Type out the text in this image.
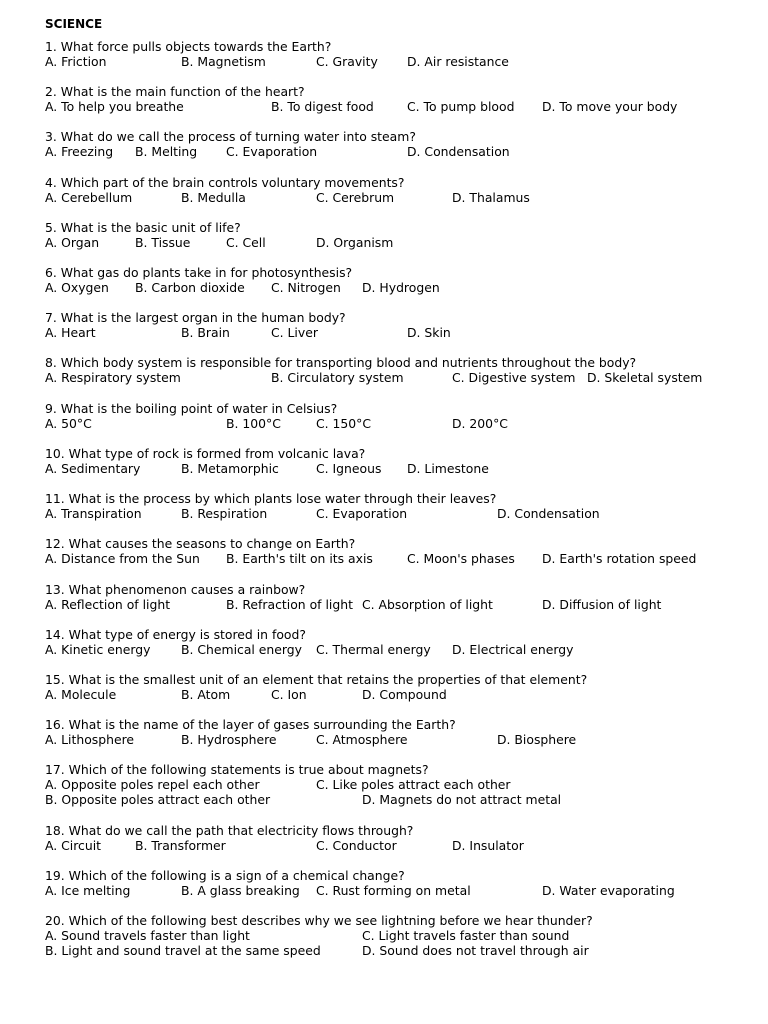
SCIENCE
1. What force pulls objects towards the Earth?
A. Friction	B. Magnetism	C. Gravity D. Air resistance
2. What is the main function of the heart?
A. To help you breathe	B. To digest food	C. To pump blood D. To move your body
3. What do we call the process of turning water into steam?
A. Freezing B. Melting C. Evaporation	D. Condensation
4. Which part of the brain controls voluntary movements?
A. Cerebellum	B. Medulla	C. Cerebrum	D. Thalamus
5. What is the basic unit of life?
A. Organ	B. Tissue	C. Cell	D. Organism
6. What gas do plants take in for photosynthesis?
A. Oxygen B. Carbon dioxide C. Nitrogen D. Hydrogen
7. What is the largest organ in the human body?
A. Heart	B. Brain	C. Liver	D. Skin
8. Which body system is responsible for transporting blood and nutrients throughout the body?
A. Respiratory system	B. Circulatory system	C. Digestive system D. Skeletal system
9. What is the boiling point of water in Celsius?
A. 50°C	B. 100°C	C. 150°C	D. 200°C
10. What type of rock is formed from volcanic lava?
A. Sedimentary	B. Metamorphic	C. Igneous D. Limestone
11. What is the process by which plants lose water through their leaves?
A. Transpiration	B. Respiration	C. Evaporation	D. Condensation
12. What causes the seasons to change on Earth?
A. Distance from the Sun B. Earth's tilt on its axis	C. Moon's phases D. Earth's rotation speed
13. What phenomenon causes a rainbow?
A. Reflection of light	B. Refraction of light C. Absorption of light	D. Diffusion of light
14. What type of energy is stored in food?
A. Kinetic energy B. Chemical energy C. Thermal energy D. Electrical energy
15. What is the smallest unit of an element that retains the properties of that element?
A. Molecule	B. Atom	C. Ion	D. Compound
16. What is the name of the layer of gases surrounding the Earth?
A. Lithosphere	B. Hydrosphere	C. Atmosphere	D. Biosphere
17. Which of the following statements is true about magnets?
A. Opposite poles repel each other	C. Like poles attract each other
B. Opposite poles attract each other	D. Magnets do not attract metal
18. What do we call the path that electricity flows through?
A. Circuit	B. Transformer	C. Conductor	D. Insulator
19. Which of the following is a sign of a chemical change?
A. Ice melting	B. A glass breaking C. Rust forming on metal	D. Water evaporating
20. Which of the following best describes why we see lightning before we hear thunder?
A. Sound travels faster than light	C. Light travels faster than sound
B. Light and sound travel at the same speed	D. Sound does not travel through air
